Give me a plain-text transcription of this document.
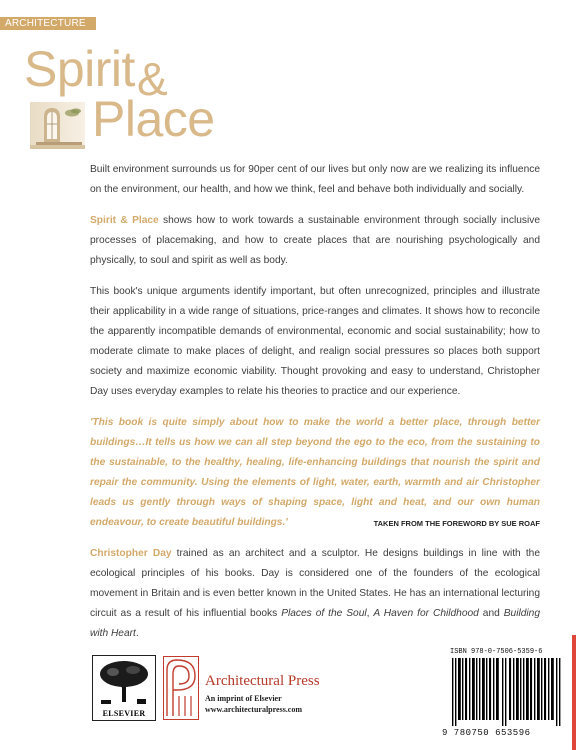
ARCHITECTURE
Spirit &
Place

Built environment surrounds us for 90per cent of our lives but only now are we realizing its influence on the environment, our health, and how we think, feel and behave both individually and socially.

Spirit & Place shows how to work towards a sustainable environment through socially inclusive processes of placemaking, and how to create places that are nourishing psychologically and physically, to soul and spirit as well as body.

This book's unique arguments identify important, but often unrecognized, principles and illustrate their applicability in a wide range of situations, price-ranges and climates. It shows how to reconcile the apparently incompatible demands of environmental, economic and social sustainability; how to moderate climate to make places of delight, and realign social pressures so places both support society and maximize economic viability. Thought provoking and easy to understand, Christopher Day uses everyday examples to relate his theories to practice and our experience.

'This book is quite simply about how to make the world a better place, through better buildings…It tells us how we can all step beyond the ego to the eco, from the sustaining to the sustainable, to the healthy, healing, life-enhancing buildings that nourish the spirit and repair the community. Using the elements of light, water, earth, warmth and air Christopher leads us gently through ways of shaping space, light and heat, and our own human endeavour, to create beautiful buildings.'	TAKEN FROM THE FOREWORD BY SUE ROAF

Christopher Day trained as an architect and a sculptor. He designs buildings in line with the ecological principles of his books. Day is considered one of the founders of the ecological movement in Britain and is even better known in the United States. He has an international lecturing circuit as a result of his influential books Places of the Soul, A Haven for Childhood and Building with Heart.

ELSEVIER
Architectural Press
An imprint of Elsevier
www.architecturalpress.com
ISBN 978-0-7506-5359-6
9 780750 653596
